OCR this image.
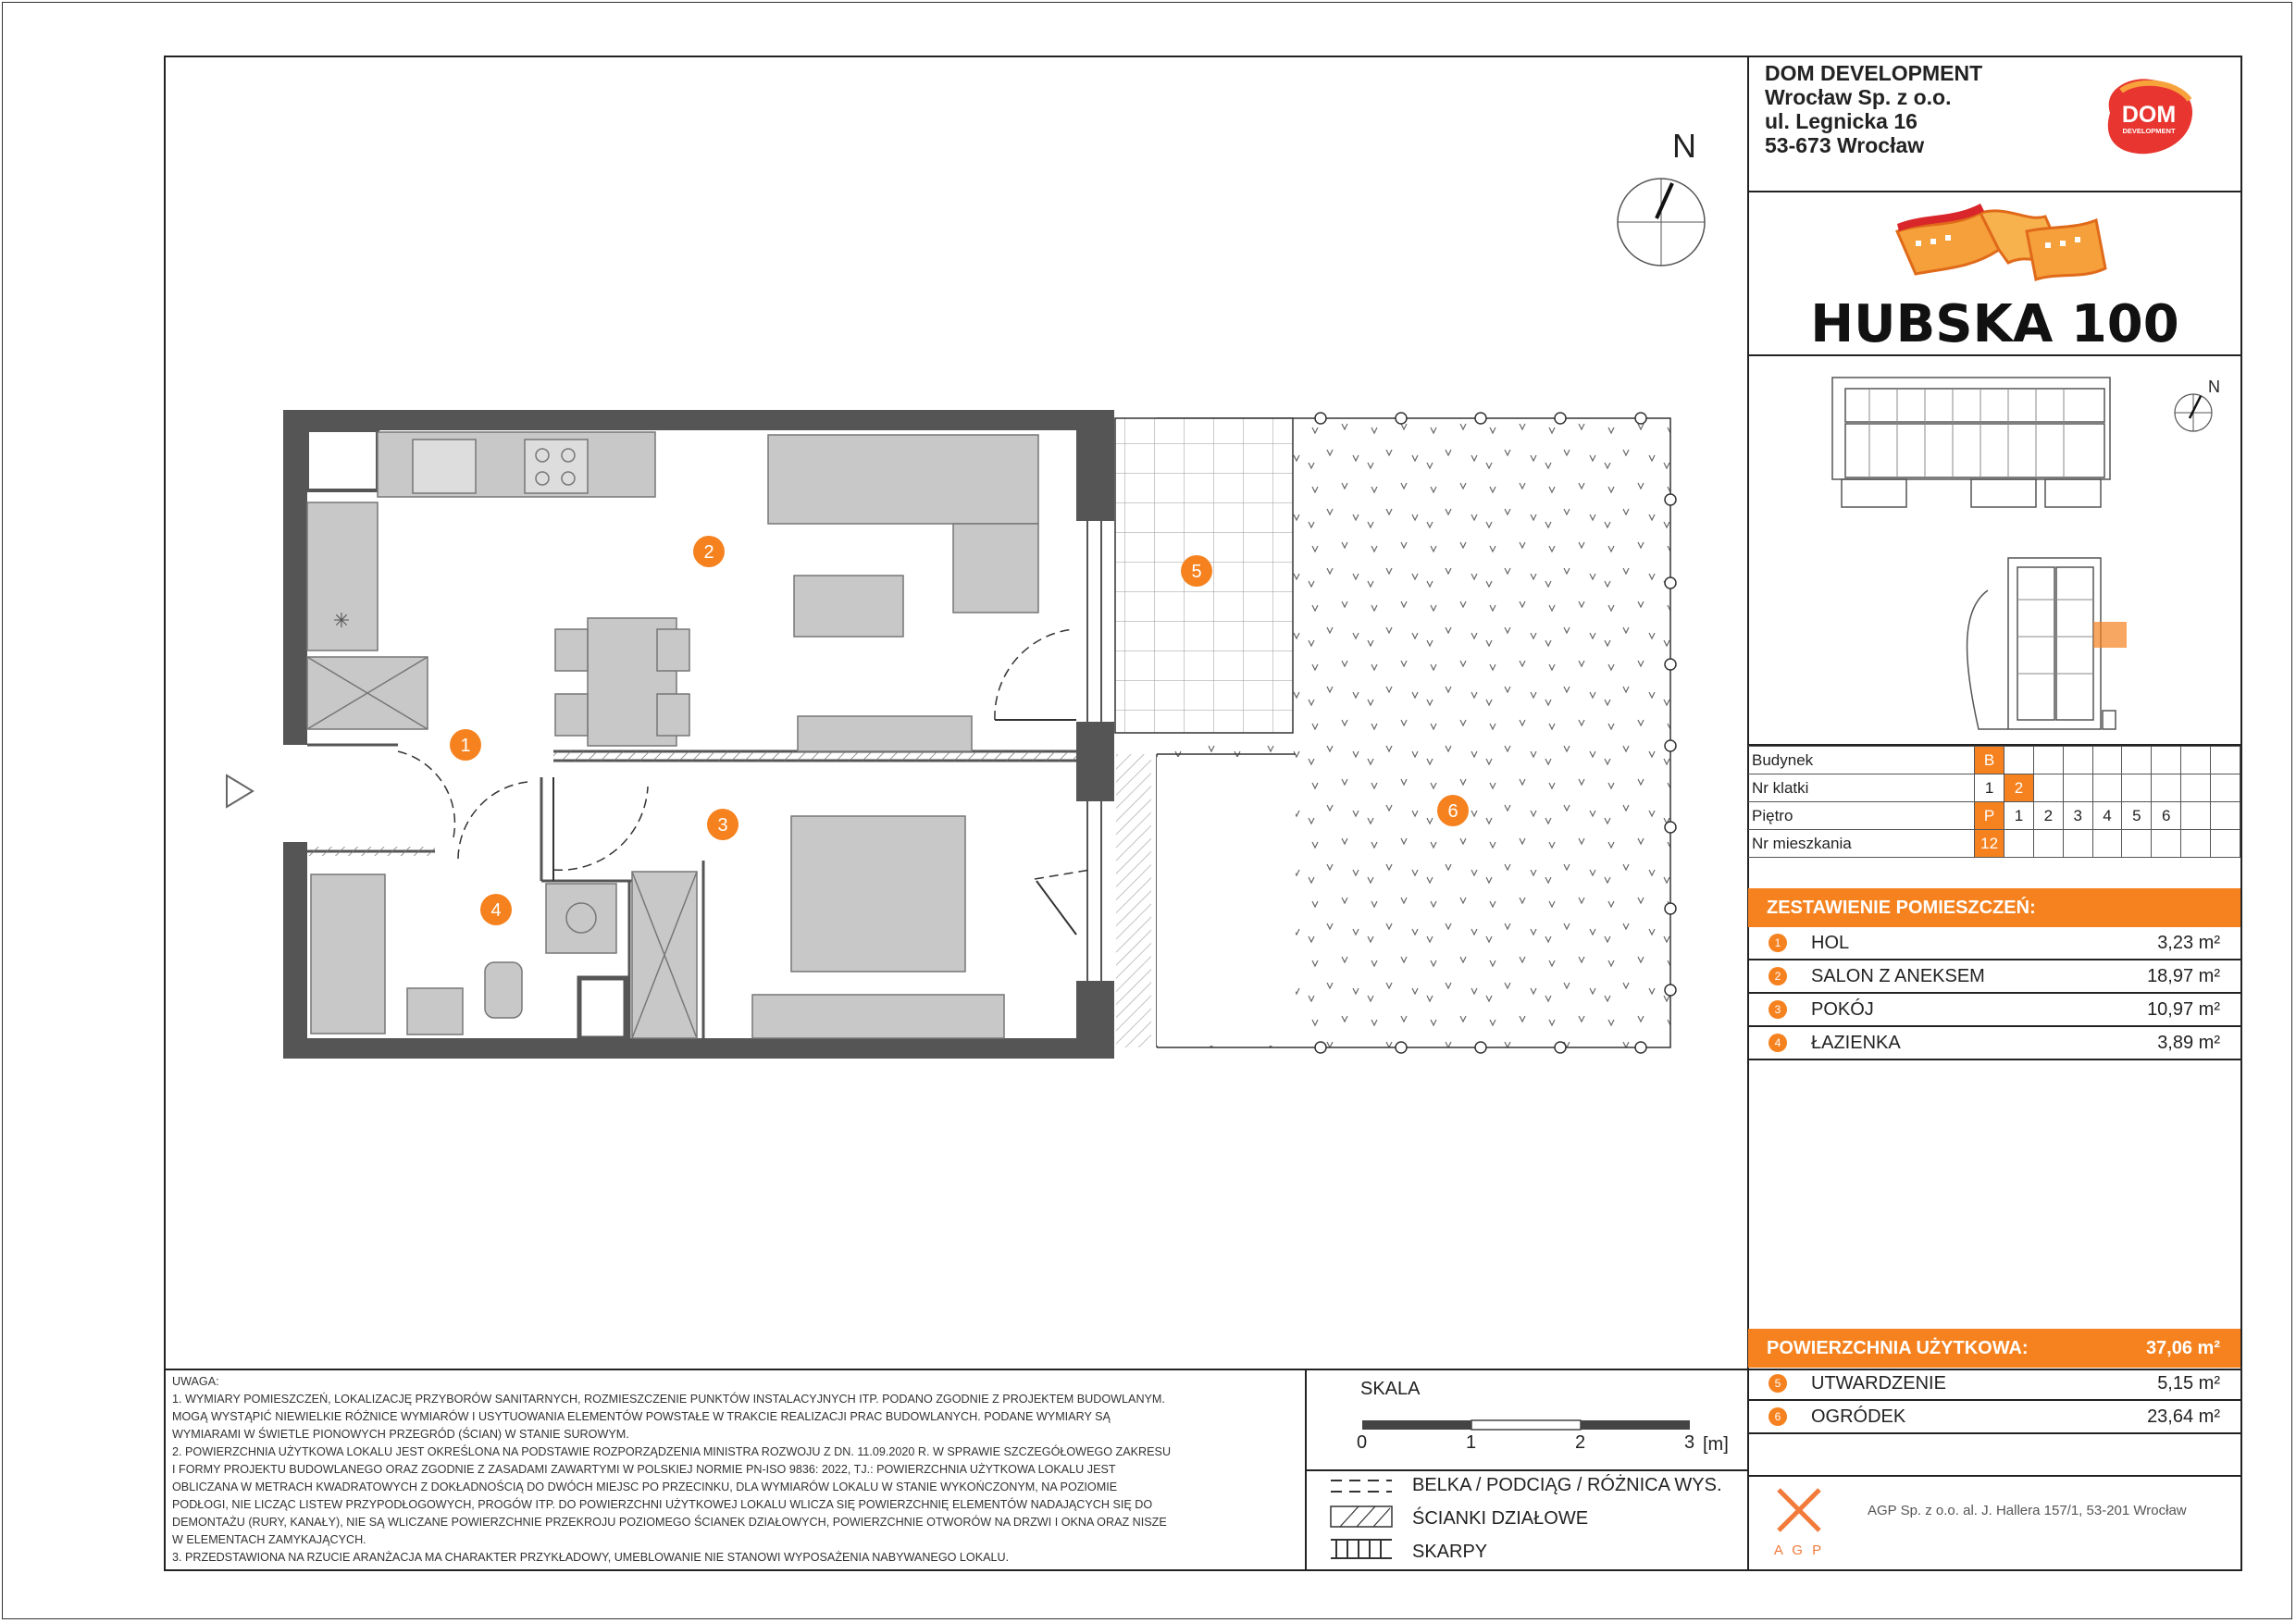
✳
1
2
3
4
5
6
N
DOM DEVELOPMENT
Wrocław Sp. z o.o.
ul. Legnicka 16
53-673 Wrocław
DOM
DEVELOPMENT
HUBSKA 100
N
Budynek	B								
Nr klatki	1	2							
Piętro	P	1	2	3	4	5	6		
Nr mieszkania	12								
ZESTAWIENIE POMIESZCZEŃ:
1	HOL	3,23 m²
2	SALON Z ANEKSEM	18,97 m²
3	POKÓJ	10,97 m²
4	ŁAZIENKA	3,89 m²
POWIERZCHNIA UŻYTKOWA:	37,06 m²
5	UTWARDZENIE	5,15 m²
6	OGRÓDEK	23,64 m²
UWAGA:
1. WYMIARY POMIESZCZEŃ, LOKALIZACJĘ PRZYBORÓW SANITARNYCH, ROZMIESZCZENIE PUNKTÓW INSTALACYJNYCH ITP. PODANO ZGODNIE Z PROJEKTEM BUDOWLANYM.
MOGĄ WYSTĄPIĆ NIEWIELKIE RÓŻNICE WYMIARÓW I USYTUOWANIA ELEMENTÓW POWSTAŁE W TRAKCIE REALIZACJI PRAC BUDOWLANYCH. PODANE WYMIARY SĄ
WYMIARAMI W ŚWIETLE PIONOWYCH PRZEGRÓD (ŚCIAN) W STANIE SUROWYM.
2. POWIERZCHNIA UŻYTKOWA LOKALU JEST OKREŚLONA NA PODSTAWIE ROZPORZĄDZENIA MINISTRA ROZWOJU Z DN. 11.09.2020 R. W SPRAWIE SZCZEGÓŁOWEGO ZAKRESU
I FORMY PROJEKTU BUDOWLANEGO ORAZ ZGODNIE Z ZASADAMI ZAWARTYMI W POLSKIEJ NORMIE PN-ISO 9836: 2022, TJ.: POWIERZCHNIA UŻYTKOWA LOKALU JEST
OBLICZANA W METRACH KWADRATOWYCH Z DOKŁADNOŚCIĄ DO DWÓCH MIEJSC PO PRZECINKU, DLA WYMIARÓW LOKALU W STANIE WYKOŃCZONYM, NA POZIOMIE
PODŁOGI, NIE LICZĄC LISTEW PRZYPODŁOGOWYCH, PROGÓW ITP. DO POWIERZCHNI UŻYTKOWEJ LOKALU WLICZA SIĘ POWIERZCHNIĘ ELEMENTÓW NADAJĄCYCH SIĘ DO
DEMONTAŻU (RURY, KANAŁY), NIE SĄ WLICZANE POWIERZCHNIE PRZEKROJU POZIOMEGO ŚCIANEK DZIAŁOWYCH, POWIERZCHNIE OTWORÓW NA DRZWI I OKNA ORAZ NISZE
W ELEMENTACH ZAMYKAJĄCYCH.
3. PRZEDSTAWIONA NA RZUCIE ARANŻACJA MA CHARAKTER PRZYKŁADOWY, UMEBLOWANIE NIE STANOWI WYPOSAŻENIA NABYWANEGO LOKALU.
SKALA
0	1	2	3 [m]
BELKA / PODCIĄG / RÓŻNICA WYS.
ŚCIANKI DZIAŁOWE
SKARPY	A G P
AGP Sp. z o.o. al. J. Hallera 157/1, 53-201 Wrocław
